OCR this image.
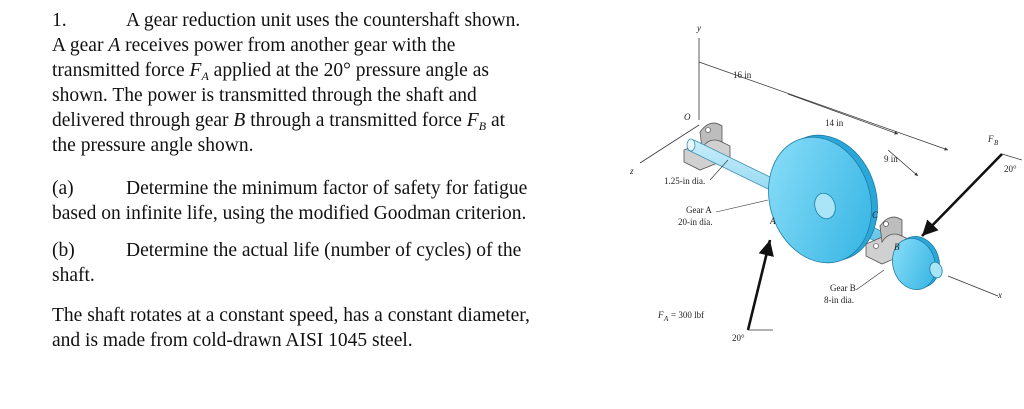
1.	A gear reduction unit uses the countershaft shown.
A gear A receives power from another gear with the
transmitted force $F_A$ applied at the 20° pressure angle as
shown. The power is transmitted through the shaft and
delivered through gear B through a transmitted force $F_B$ at
the pressure angle shown.
(a)	Determine the minimum factor of safety for fatigue
based on infinite life, using the modified Goodman criterion.
(b)	Determine the actual life (number of cycles) of the
shaft.
The shaft rotates at a constant speed, has a constant diameter,
and is made from cold-drawn AISI 1045 steel.
y
z
x
O
16 in
14 in
9 in
1.25-in dia.
A
Gear A
20-in dia.
C
B
Gear B
8-in dia.
F A = 300 lbf
20°
F B
20°
